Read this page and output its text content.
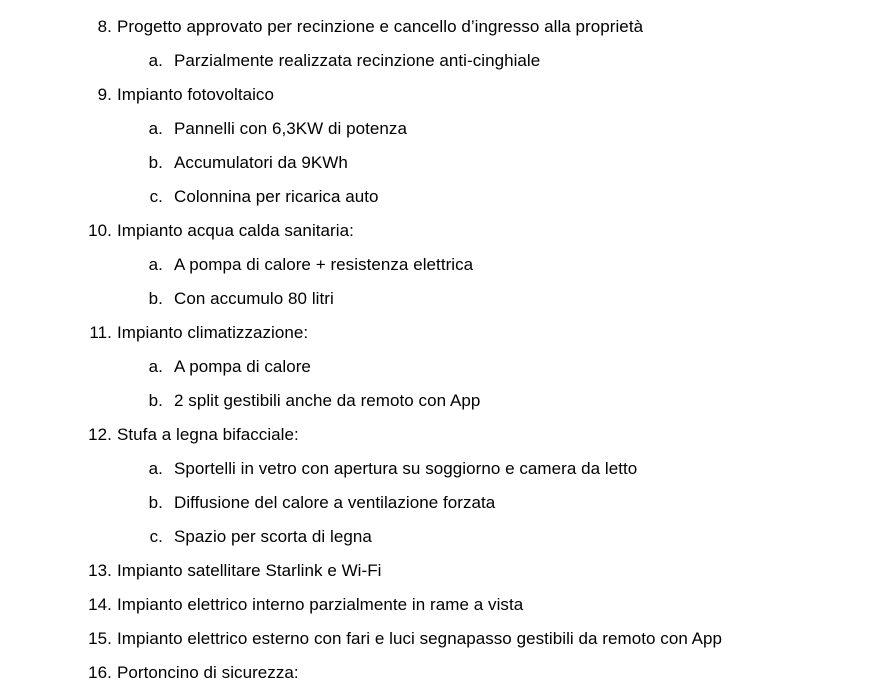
8. Progetto approvato per recinzione e cancello d’ingresso alla proprietà
a. Parzialmente realizzata recinzione anti-cinghiale
9. Impianto fotovoltaico
a. Pannelli con 6,3KW di potenza
b. Accumulatori da 9KWh
c. Colonnina per ricarica auto
10. Impianto acqua calda sanitaria:
a. A pompa di calore + resistenza elettrica
b. Con accumulo 80 litri
11. Impianto climatizzazione:
a. A pompa di calore
b. 2 split gestibili anche da remoto con App
12. Stufa a legna bifacciale:
a. Sportelli in vetro con apertura su soggiorno e camera da letto
b. Diffusione del calore a ventilazione forzata
c. Spazio per scorta di legna
13. Impianto satellitare Starlink e Wi-Fi
14. Impianto elettrico interno parzialmente in rame a vista
15. Impianto elettrico esterno con fari e luci segnapasso gestibili da remoto con App
16. Portoncino di sicurezza:
